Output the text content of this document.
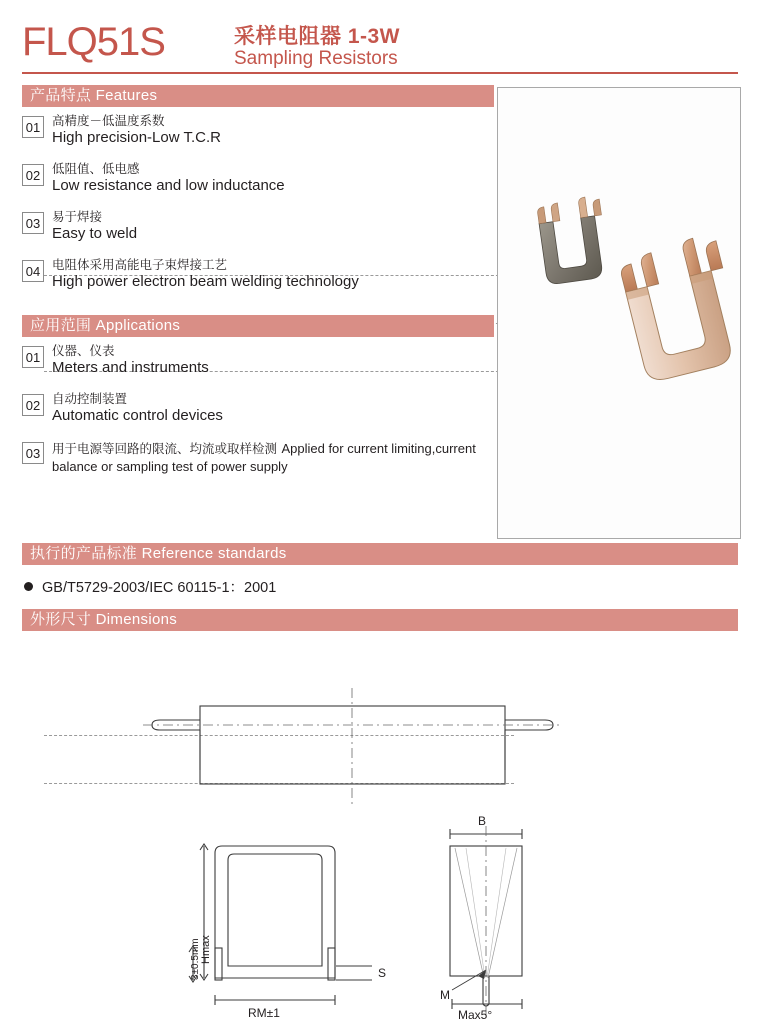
FLQ51S	采样电阻器 1-3W
Sampling Resistors
产品特点 Features
01 高精度－低温度系数
High precision-Low T.C.R
02 低阻值、低电感
Low resistance and low inductance
03 易于焊接
Easy to weld
04 电阻体采用高能电子束焊接工艺
High power electron beam welding technology
应用范围 Applications
01 仪器、仪表
Meters and instruments
02 自动控制装置
Automatic control devices
03 用于电源等回路的限流、均流或取样检测 Applied for current limiting,current balance or sampling test of power supply
执行的产品标准 Reference standards
GB/T5729-2003/IEC 60115-1：2001
外形尺寸 Dimensions
Hmax
3±0.5mm	S
M
RM±1
B
Max5°
